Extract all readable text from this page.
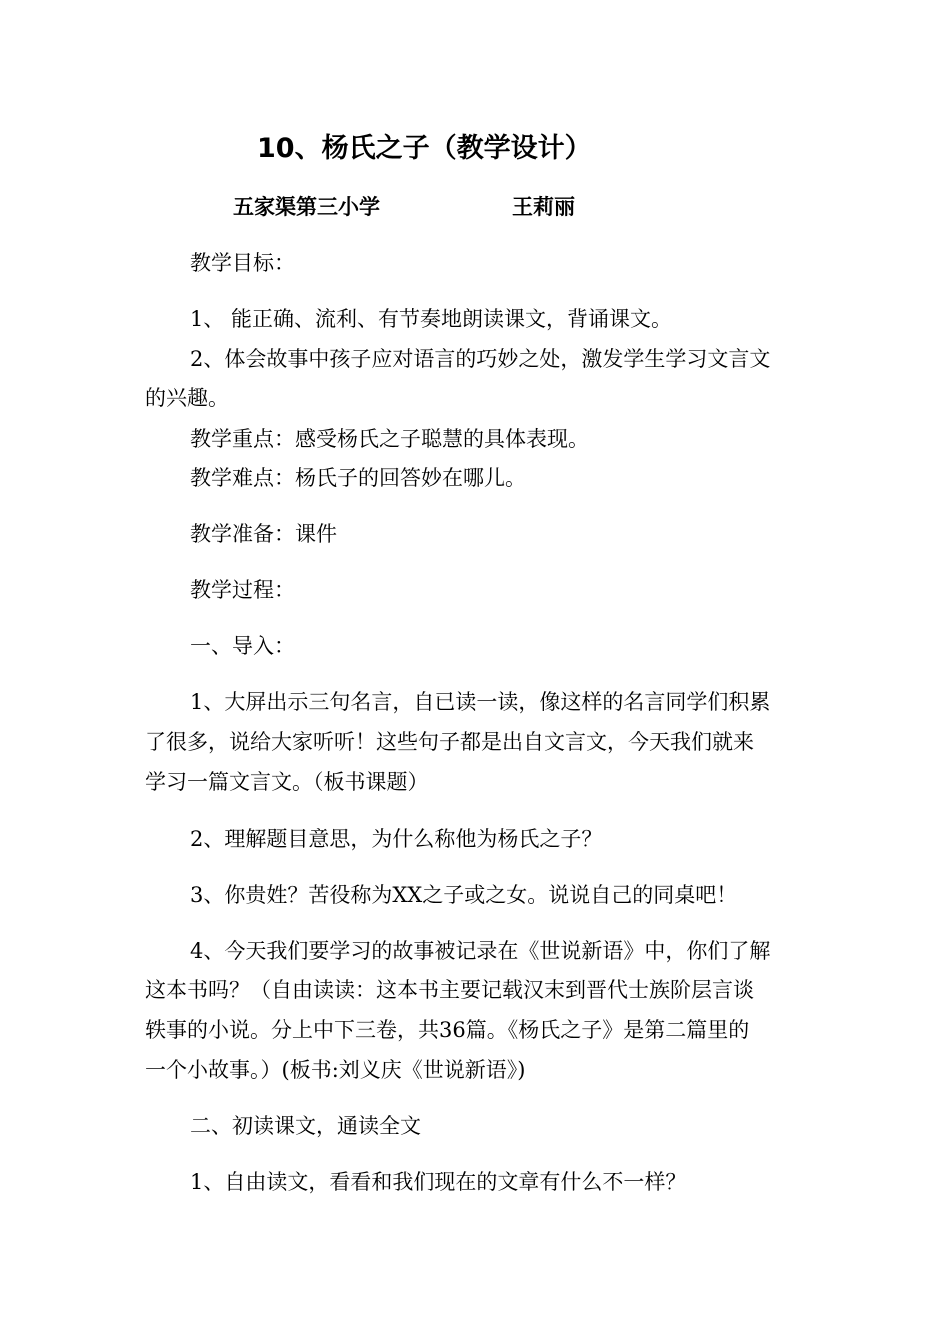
10、杨氏之子（教学设计）
五家渠第三小学	王莉丽
教学目标：
1、 能正确、流利、有节奏地朗读课文，背诵课文。
2、体会故事中孩子应对语言的巧妙之处，激发学生学习文言文
的兴趣。
教学重点：感受杨氏之子聪慧的具体表现。
教学难点：杨氏子的回答妙在哪儿。
教学准备：课件
教学过程：
一、导入：
1、大屏出示三句名言，自已读一读，像这样的名言同学们积累
了很多，说给大家听听！这些句子都是出自文言文，今天我们就来
学习一篇文言文。（板书课题）
2、理解题目意思，为什么称他为杨氏之子？
3、你贵姓？苦役称为XX之子或之女。说说自己的同桌吧！
4、今天我们要学习的故事被记录在《世说新语》中，你们了解
这本书吗？（自由读读：这本书主要记载汉末到晋代士族阶层言谈
轶事的小说。分上中下三卷，共36篇。《杨氏之子》是第二篇里的
一个小故事。）(板书:刘义庆《世说新语》)
二、初读课文，通读全文
1、自由读文，看看和我们现在的文章有什么不一样？
